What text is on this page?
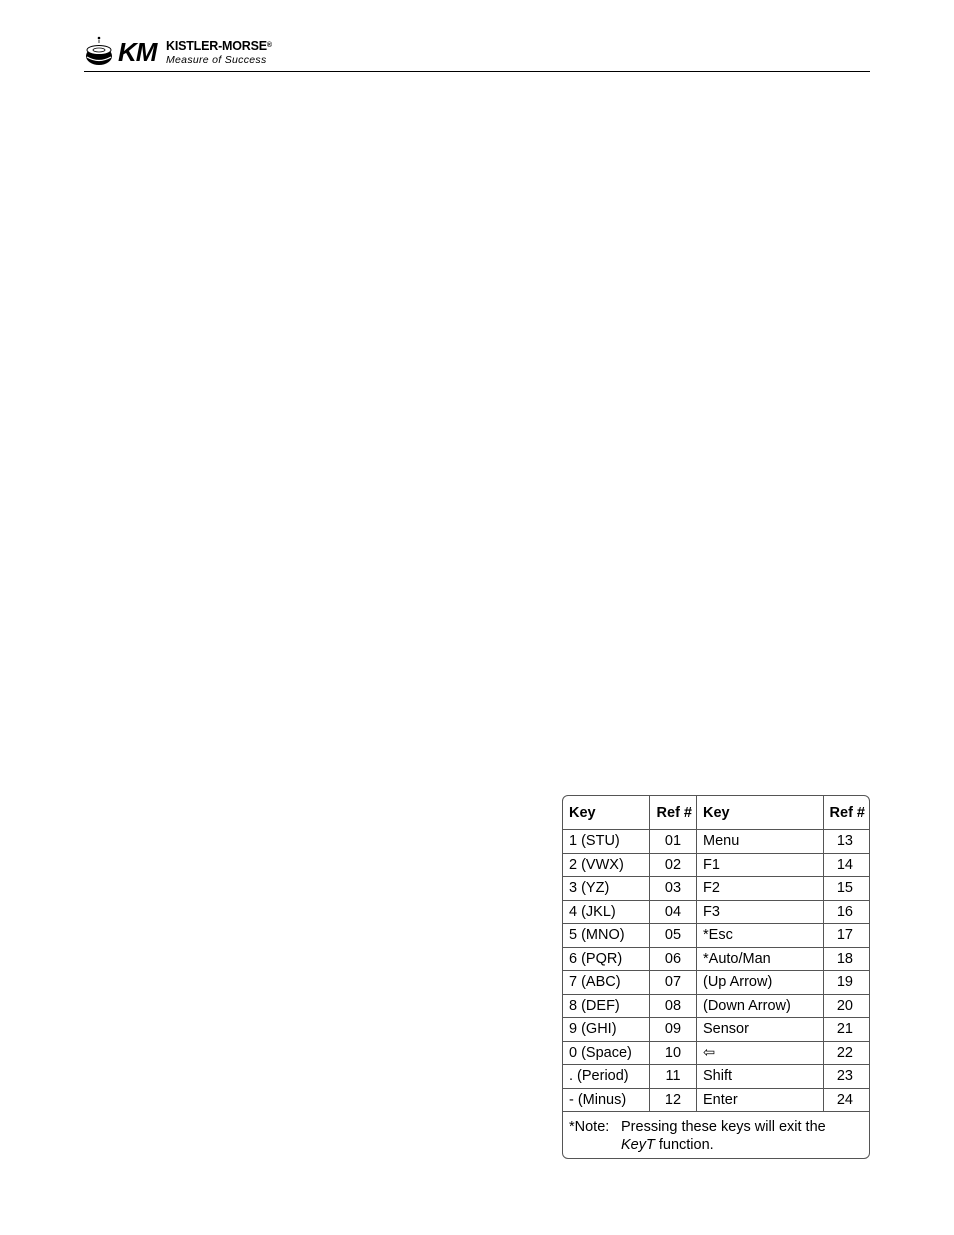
KM KISTLER-MORSE®
Measure of Success
Key	Ref #	Key	Ref #
1 (STU)	01	Menu	13
2 (VWX)	02	F1	14
3 (YZ)	03	F2	15
4 (JKL)	04	F3	16
5 (MNO)	05	*Esc	17
6 (PQR)	06	*Auto/Man	18
7 (ABC)	07	(Up Arrow)	19
8 (DEF)	08	(Down Arrow)	20
9 (GHI)	09	Sensor	21
0 (Space)	10	⇦	22
. (Period)	11	Shift	23
- (Minus)	12	Enter	24
*Note: Pressing these keys will exit the
KeyT function.
